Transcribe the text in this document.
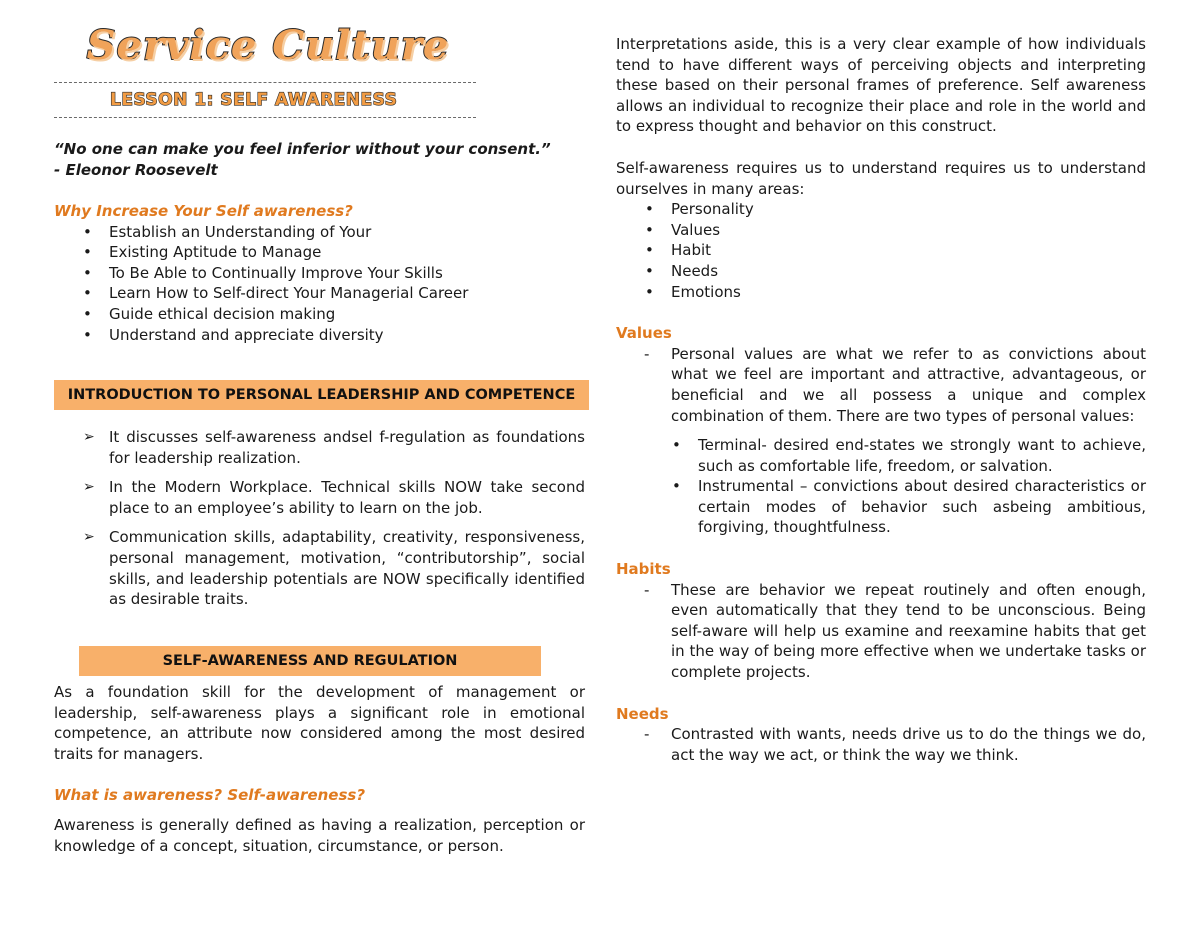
Service Culture
LESSON 1: SELF AWARENESS
“No one can make you feel inferior without your consent.”
- Eleonor Roosevelt
Why Increase Your Self awareness?
• Establish an Understanding of Your
• Existing Aptitude to Manage
• To Be Able to Continually Improve Your Skills
• Learn How to Self-direct Your Managerial Career
• Guide ethical decision making
• Understand and appreciate diversity
INTRODUCTION TO PERSONAL LEADERSHIP AND COMPETENCE
➢ It discusses self-awareness andsel f-regulation as foundations for leadership realization.
➢ In the Modern Workplace. Technical skills NOW take second place to an employee’s ability to learn on the job.
➢ Communication skills, adaptability, creativity, responsiveness, personal management, motivation, “contributorship”, social skills, and leadership potentials are NOW specifically identified as desirable traits.
SELF-AWARENESS AND REGULATION

As a foundation skill for the development of management or leadership, self-awareness plays a significant role in emotional competence, an attribute now considered among the most desired traits for managers.

What is awareness? Self-awareness?

Awareness is generally defined as having a realization, perception or knowledge of a concept, situation, circumstance, or person.

Interpretations aside, this is a very clear example of how individuals tend to have different ways of perceiving objects and interpreting these based on their personal frames of preference. Self awareness allows an individual to recognize their place and role in the world and to express thought and behavior on this construct.

Self-awareness requires us to understand requires us to understand ourselves in many areas:

• Personality
• Values
• Habit
• Needs
• Emotions
Values
- Personal values are what we refer to as convictions about what we feel are important and attractive, advantageous, or beneficial and we all possess a unique and complex combination of them. There are two types of personal values:
• Terminal- desired end-states we strongly want to achieve, such as comfortable life, freedom, or salvation.
• Instrumental – convictions about desired characteristics or certain modes of behavior such asbeing ambitious, forgiving, thoughtfulness.
Habits
- These are behavior we repeat routinely and often enough, even automatically that they tend to be unconscious. Being self-aware will help us examine and reexamine habits that get in the way of being more effective when we undertake tasks or complete projects.
Needs
- Contrasted with wants, needs drive us to do the things we do, act the way we act, or think the way we think.
